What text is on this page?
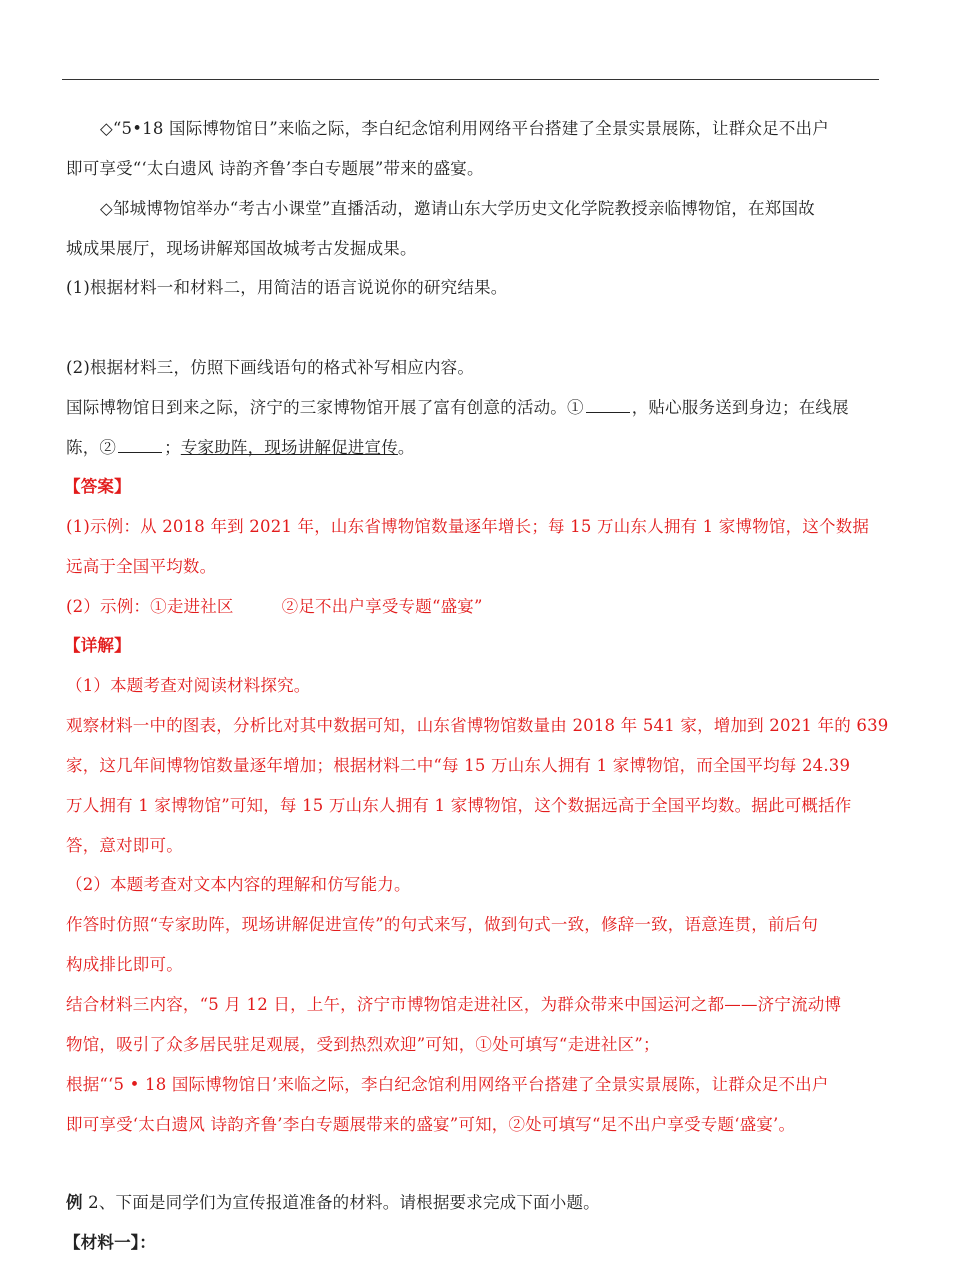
◇“5•18 国际博物馆日”来临之际，李白纪念馆利用网络平台搭建了全景实景展陈，让群众足不出户
即可享受“‘太白遗风 诗韵齐鲁’李白专题展”带来的盛宴。
◇邹城博物馆举办“考古小课堂”直播活动，邀请山东大学历史文化学院教授亲临博物馆，在郑国故
城成果展厅，现场讲解郑国故城考古发掘成果。
(1)根据材料一和材料二，用简洁的语言说说你的研究结果。
(2)根据材料三，仿照下画线语句的格式补写相应内容。
国际博物馆日到来之际，济宁的三家博物馆开展了富有创意的活动。①	，贴心服务送到身边；在线展
陈，②	；专家助阵，现场讲解促进宣传。
【答案】
(1)示例：从 2018 年到 2021 年，山东省博物馆数量逐年增长；每 15 万山东人拥有 1 家博物馆，这个数据
远高于全国平均数。
(2）示例：①走进社区	②足不出户享受专题“盛宴”
【详解】
（1）本题考查对阅读材料探究。
观察材料一中的图表，分析比对其中数据可知，山东省博物馆数量由 2018 年 541 家，增加到 2021 年的 639
家，这几年间博物馆数量逐年增加；根据材料二中“每 15 万山东人拥有 1 家博物馆，而全国平均每 24.39
万人拥有 1 家博物馆”可知，每 15 万山东人拥有 1 家博物馆，这个数据远高于全国平均数。据此可概括作
答，意对即可。
（2）本题考查对文本内容的理解和仿写能力。
作答时仿照“专家助阵，现场讲解促进宣传”的句式来写，做到句式一致，修辞一致，语意连贯，前后句
构成排比即可。
结合材料三内容，“5 月 12 日，上午，济宁市博物馆走进社区，为群众带来中国运河之都——济宁流动博
物馆，吸引了众多居民驻足观展，受到热烈欢迎”可知，①处可填写“走进社区”；
根据“‘5 • 18 国际博物馆日’来临之际，李白纪念馆利用网络平台搭建了全景实景展陈，让群众足不出户
即可享受‘太白遗风 诗韵齐鲁’李白专题展带来的盛宴”可知，②处可填写“足不出户享受专题‘盛宴’。
例 2、下面是同学们为宣传报道准备的材料。请根据要求完成下面小题。
【材料一】：
